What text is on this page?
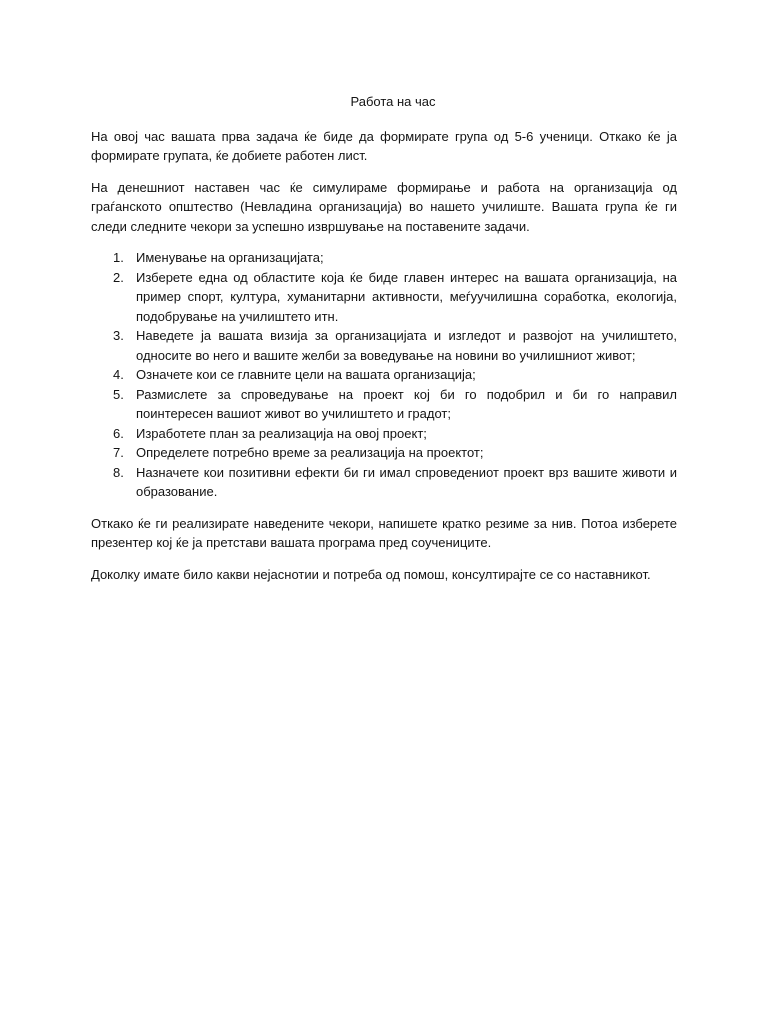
Работа на час

На овој час вашата прва задача ќе биде да формирате група од 5-6 ученици. Откако ќе ја формирате групата, ќе добиете работен лист.

На денешниот наставен час ќе симулираме формирање и работа на организација од граѓанското општество (Невладина организација) во нашето училиште. Вашата група ќе ги следи следните чекори за успешно извршување на поставените задачи.

1. Именување на организацијата;
2. Изберете една од областите која ќе биде главен интерес на вашата организација, на пример спорт, култура, хуманитарни активности, меѓуучилишна соработка, екологија, подобрување на училиштето итн.
3. Наведете ја вашата визија за организацијата и изгледот и развојот на училиштето, односите во него и вашите желби за воведување на новини во училишниот живот;
4. Означете кои се главните цели на вашата организација;
5. Размислете за спроведување на проект кој би го подобрил и би го направил поинтересен вашиот живот во училиштето и градот;
6. Изработете план за реализација на овој проект;
7. Определете потребно време за реализација на проектот;
8. Назначете кои позитивни ефекти би ги имал спроведениот проект врз вашите животи и образование.

Откако ќе ги реализирате наведените чекори, напишете кратко резиме за нив. Потоа изберете презентер кој ќе ја претстави вашата програма пред соучениците.

Доколку имате било какви нејаснотии и потреба од помош, консултирајте се со наставникот.
